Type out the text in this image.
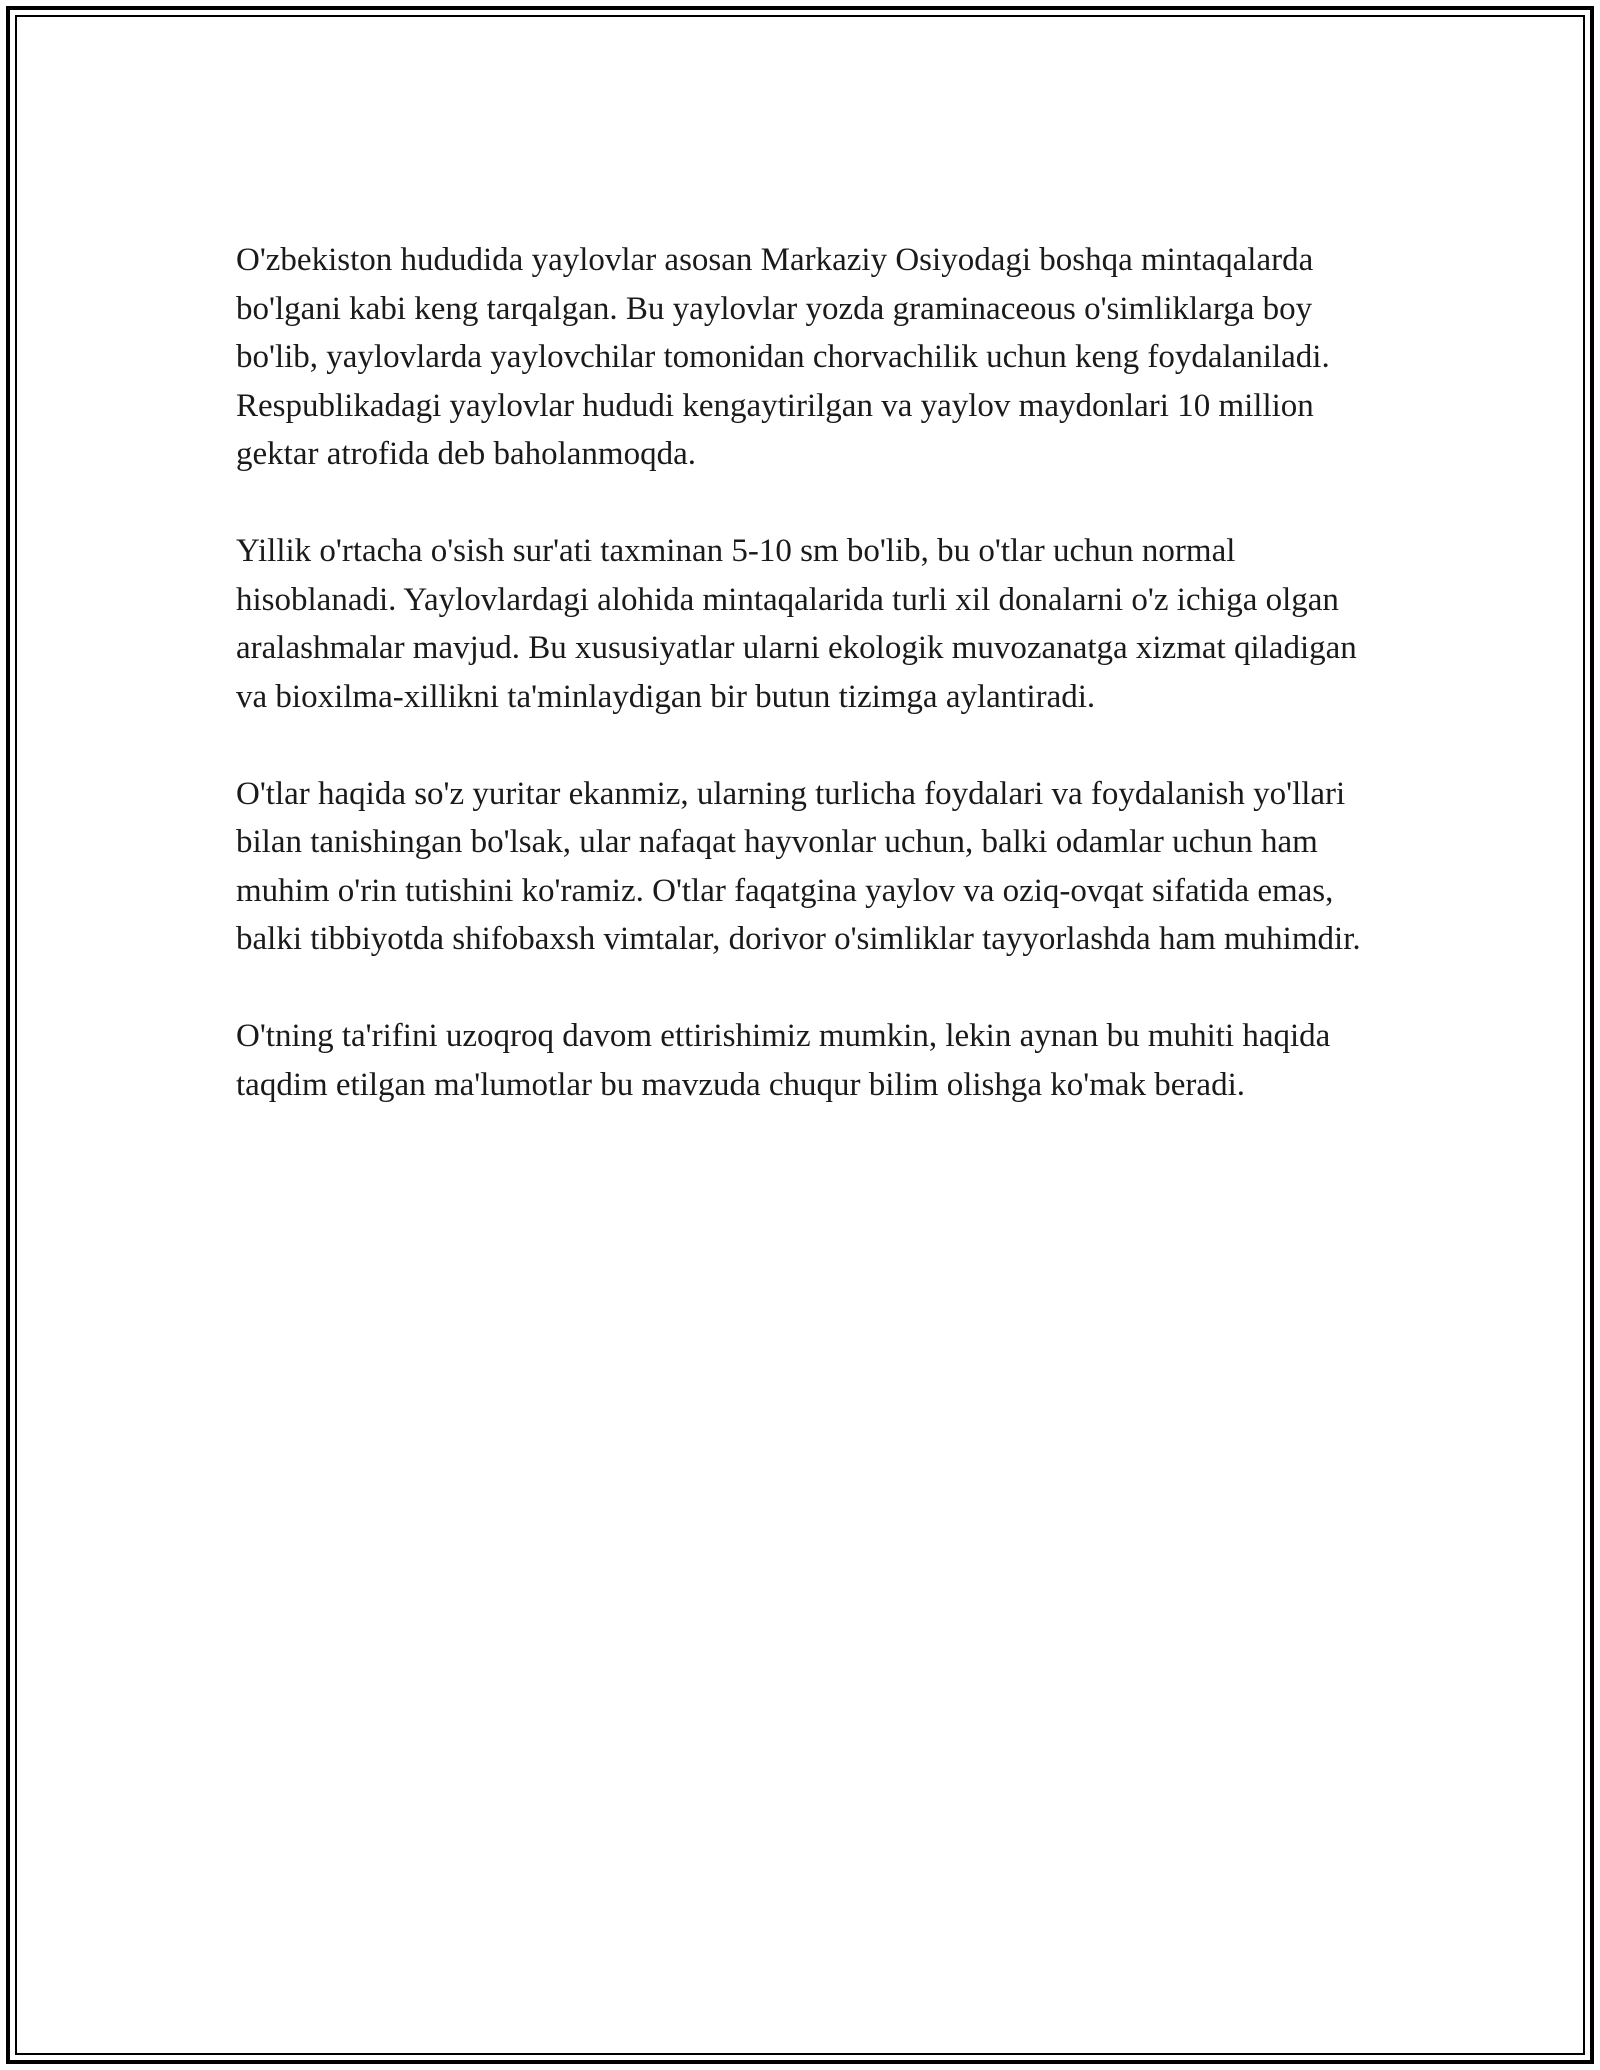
O'zbekiston hududida yaylovlar asosan Markaziy Osiyodagi boshqa mintaqalarda bo'lgani kabi keng tarqalgan. Bu yaylovlar yozda graminaceous o'simliklarga boy bo'lib, yaylovlarda yaylovchilar tomonidan chorvachilik uchun keng foydalaniladi. Respublikadagi yaylovlar hududi kengaytirilgan va yaylov maydonlari 10 million gektar atrofida deb baholanmoqda.

Yillik o'rtacha o'sish sur'ati taxminan 5-10 sm bo'lib, bu o'tlar uchun normal hisoblanadi. Yaylovlardagi alohida mintaqalarida turli xil donalarni o'z ichiga olgan aralashmalar mavjud. Bu xususiyatlar ularni ekologik muvozanatga xizmat qiladigan va bioxilma-xillikni ta'minlaydigan bir butun tizimga aylantiradi.

O'tlar haqida so'z yuritar ekanmiz, ularning turlicha foydalari va foydalanish yo'llari bilan tanishingan bo'lsak, ular nafaqat hayvonlar uchun, balki odamlar uchun ham muhim o'rin tutishini ko'ramiz. O'tlar faqatgina yaylov va oziq-ovqat sifatida emas, balki tibbiyotda shifobaxsh vimtalar, dorivor o'simliklar tayyorlashda ham muhimdir.

O'tning ta'rifini uzoqroq davom ettirishimiz mumkin, lekin aynan bu muhiti haqida taqdim etilgan ma'lumotlar bu mavzuda chuqur bilim olishga ko'mak beradi.
